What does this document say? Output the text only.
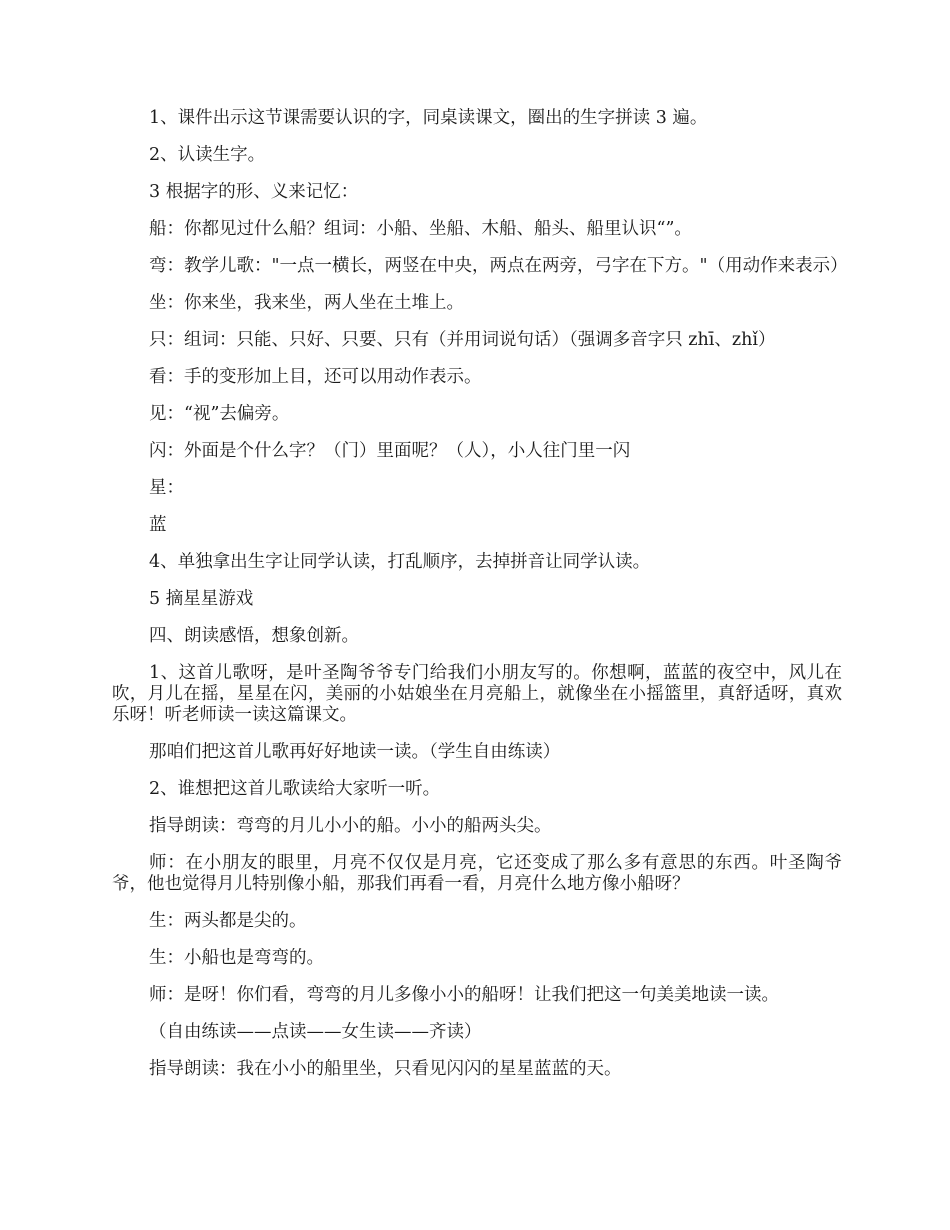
1、课件出示这节课需要认识的字，同桌读课文，圈出的生字拼读 3 遍。

2、认读生字。

3 根据字的形、义来记忆：

船：你都见过什么船？组词：小船、坐船、木船、船头、船里认识“”。

弯：教学儿歌："一点一横长，两竖在中央，两点在两旁，弓字在下方。"（用动作来表示）

坐：你来坐，我来坐，两人坐在土堆上。

只：组词：只能、只好、只要、只有（并用词说句话）（强调多音字只 zhī、zhǐ）

看：手的变形加上目，还可以用动作表示。

见：“视”去偏旁。

闪：外面是个什么字？（门）里面呢？（人），小人往门里一闪

星：

蓝

4、单独拿出生字让同学认读，打乱顺序，去掉拼音让同学认读。

5 摘星星游戏

四、朗读感悟，想象创新。

1、这首儿歌呀，是叶圣陶爷爷专门给我们小朋友写的。你想啊，蓝蓝的夜空中，风儿在吹，月儿在摇，星星在闪，美丽的小姑娘坐在月亮船上，就像坐在小摇篮里，真舒适呀，真欢乐呀！听老师读一读这篇课文。

那咱们把这首儿歌再好好地读一读。（学生自由练读）

2、谁想把这首儿歌读给大家听一听。

指导朗读：弯弯的月儿小小的船。小小的船两头尖。

师：在小朋友的眼里，月亮不仅仅是月亮，它还变成了那么多有意思的东西。叶圣陶爷爷，他也觉得月儿特别像小船，那我们再看一看，月亮什么地方像小船呀？

生：两头都是尖的。

生：小船也是弯弯的。

师：是呀！你们看，弯弯的月儿多像小小的船呀！让我们把这一句美美地读一读。

（自由练读——点读——女生读——齐读）

指导朗读：我在小小的船里坐，只看见闪闪的星星蓝蓝的天。
